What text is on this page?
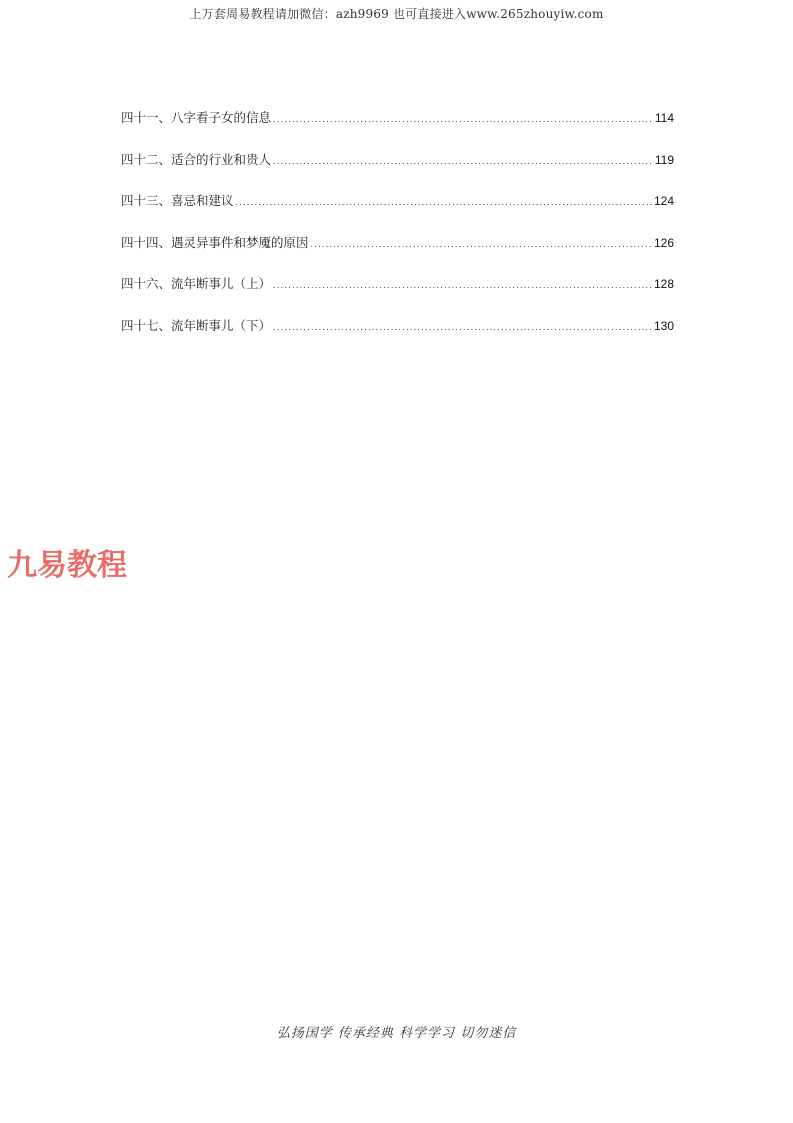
上万套周易教程请加微信：azh9969 也可直接进入www.265zhouyiw.com
四十一、八字看子女的信息 .....	114
四十二、适合的行业和贵人 .....	119
四十三、喜忌和建议 .....	124
四十四、遇灵异事件和梦魇的原因 .....	126
四十六、流年断事儿（上） .....	128
四十七、流年断事儿（下） .....	130
九易教程
弘扬国学 传承经典 科学学习 切勿迷信
